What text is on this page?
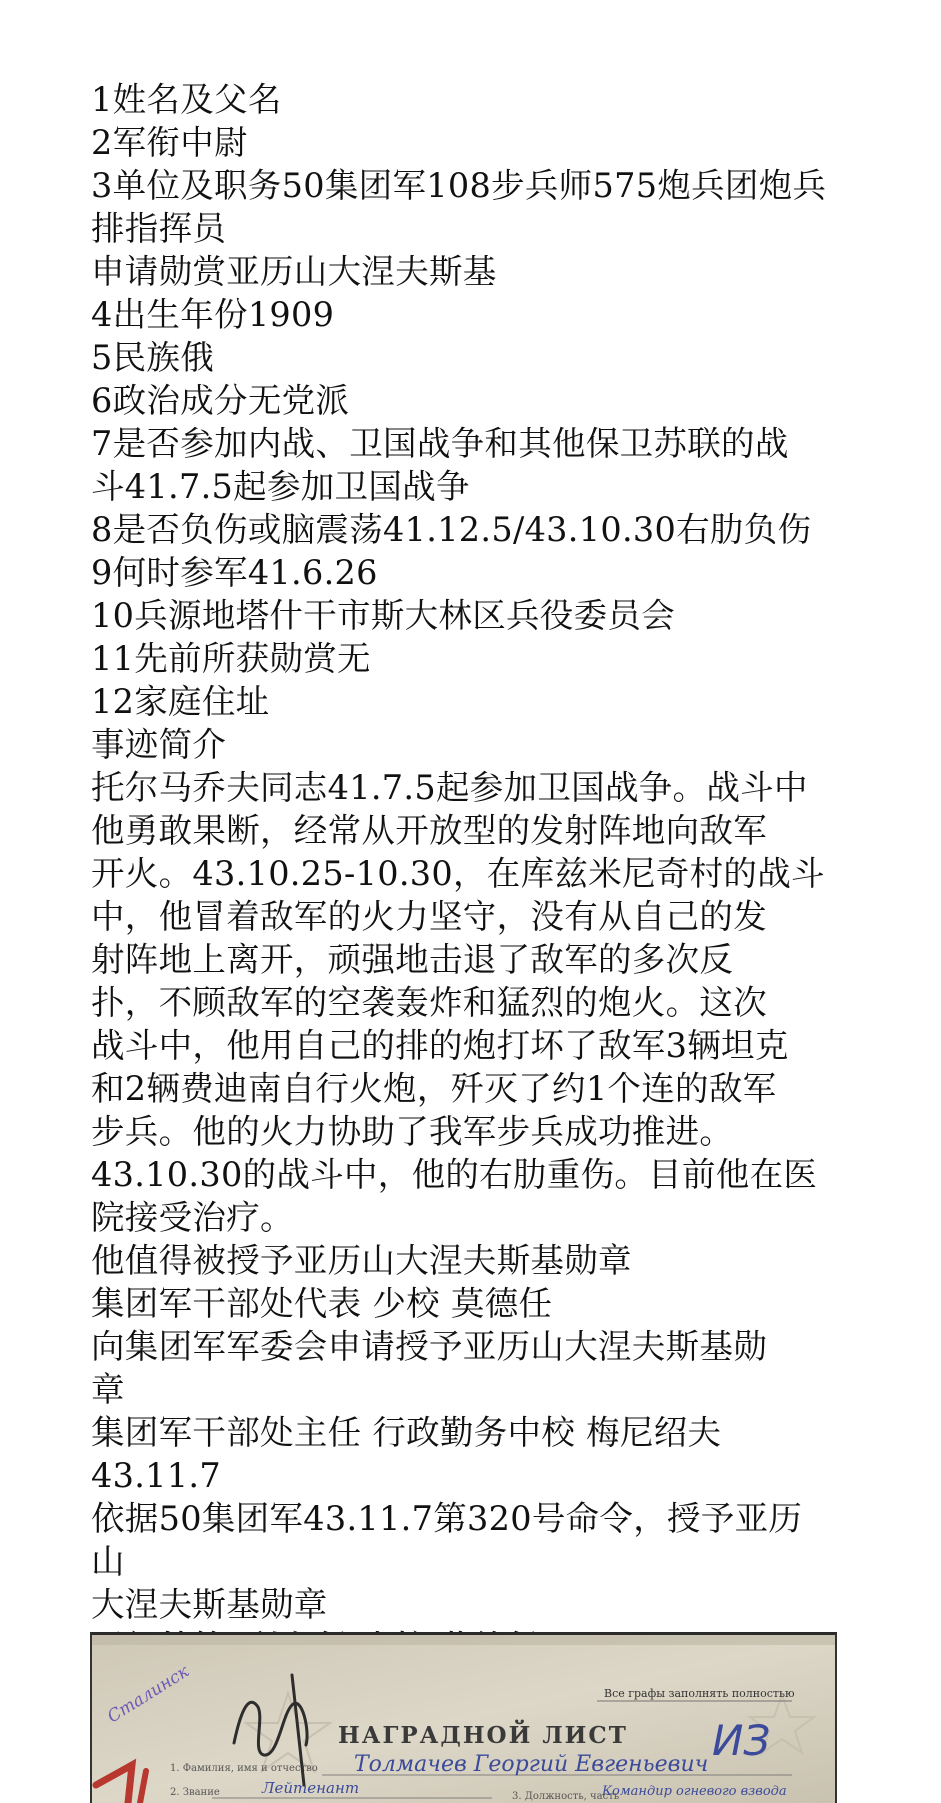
1姓名及父名

2军衔中尉

3单位及职务50集团军108步兵师575炮兵团炮兵

排指挥员

申请勋赏亚历山大涅夫斯基

4出生年份1909

5民族俄

6政治成分无党派

7是否参加内战、卫国战争和其他保卫苏联的战

斗41.7.5起参加卫国战争

8是否负伤或脑震荡41.12.5/43.10.30右肋负伤

9何时参军41.6.26

10兵源地塔什干市斯大林区兵役委员会

11先前所获勋赏无

12家庭住址

事迹简介

托尔马乔夫同志41.7.5起参加卫国战争。战斗中

他勇敢果断，经常从开放型的发射阵地向敌军

开火。43.10.25-10.30，在库兹米尼奇村的战斗

中，他冒着敌军的火力坚守，没有从自己的发

射阵地上离开，顽强地击退了敌军的多次反

扑，不顾敌军的空袭轰炸和猛烈的炮火。这次

战斗中，他用自己的排的炮打坏了敌军3辆坦克

和2辆费迪南自行火炮，歼灭了约1个连的敌军

步兵。他的火力协助了我军步兵成功推进。

43.10.30的战斗中，他的右肋重伤。目前他在医

院接受治疗。

他值得被授予亚历山大涅夫斯基勋章

集团军干部处代表 少校 莫德任

向集团军军委会申请授予亚历山大涅夫斯基勋

章

集团军干部处主任 行政勤务中校 梅尼绍夫

43.11.7

依据50集团军43.11.7第320号命令，授予亚历山

大涅夫斯基勋章

Все графы заполнять полностью
НАГРАДНОЙ ЛИСТ
1. Фамилия, имя и отчество
2. Звание	3. Должность, часть
Толмачев Георгий Евгеньевич
Лейтенант	Командир огневого взвода
Сталинск
ИЗ
